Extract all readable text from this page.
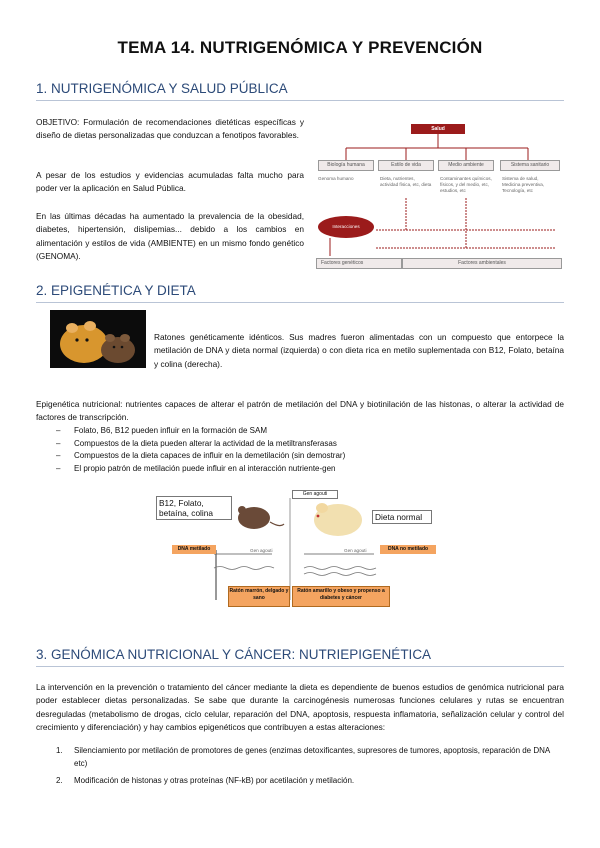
TEMA 14. NUTRIGENÓMICA Y PREVENCIÓN
1. NUTRIGENÓMICA Y SALUD PÚBLICA
OBJETIVO: Formulación de recomendaciones dietéticas específicas y diseño de dietas personalizadas que conduzcan a fenotipos favorables.
A pesar de los estudios y evidencias acumuladas falta mucho para poder ver la aplicación en Salud Pública.
En las últimas décadas ha aumentado la prevalencia de la obesidad, diabetes, hipertensión, dislipemias... debido a los cambios en alimentación y estilos de vida (AMBIENTE) en un mismo fondo genético (GENOMA).
Salud
Biología humana	Estilo de vida	Medio ambiente	Sistema sanitario
Genoma humano	Dieta, nutrientes, actividad física, etc, dieta
Contaminantes químicos, físicos, y del medio, etc, estudios, etc
Sistema de salud, Medicina preventiva, Tecnología, etc
Interacciones
Factores genéticos	Factores ambientales
2. EPIGENÉTICA Y DIETA
Ratones genéticamente idénticos. Sus madres fueron alimentadas con un compuesto que entorpece la metilación de DNA y dieta normal (izquierda) o con dieta rica en metilo suplementada con B12, Folato, betaína y colina (derecha).
Epigenética nutricional: nutrientes capaces de alterar el patrón de metilación del DNA y biotinilación de las histonas, o alterar la actividad de factores de transcripción.
– Folato, B6, B12 pueden influir en la formación de SAM
– Compuestos de la dieta pueden alterar la actividad de la metiltransferasas
– Compuestos de la dieta capaces de influir en la demetilación (sin demostrar)
– El propio patrón de metilación puede influir en al interacción nutriente-gen
B12, Folato, betaína, colina	Dieta normal
Gen agouti
DNA metilado	DNA no metilado
Gen agouti	Gen agouti
Ratón marrón, delgado y sano
Ratón amarillo y obeso y propenso a diabetes y cáncer
3. GENÓMICA NUTRICIONAL Y CÁNCER: NUTRIEPIGENÉTICA
La intervención en la prevención o tratamiento del cáncer mediante la dieta es dependiente de buenos estudios de genómica nutricional para poder establecer dietas personalizadas. Se sabe que durante la carcinogénesis numerosas funciones celulares y rutas se encuentran desreguladas (metabolismo de drogas, ciclo celular, reparación del DNA, apoptosis, respuesta inflamatoria, señalización celular y control del crecimiento y diferenciación) y hay cambios epigenéticos que contribuyen a estas alteraciones:
1. Silenciamiento por metilación de promotores de genes (enzimas detoxificantes, supresores de tumores, apoptosis, reparación de DNA etc)
2. Modificación de histonas y otras proteínas (NF-kB) por acetilación y metilación.
